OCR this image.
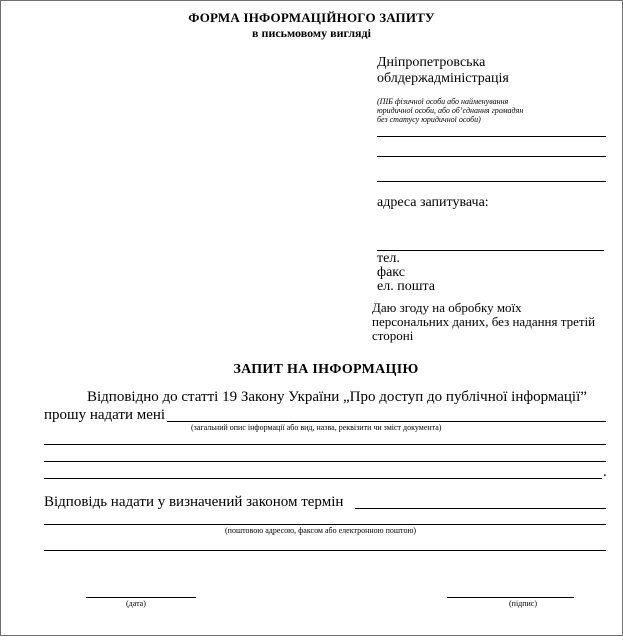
ФОРМА ІНФОРМАЦІЙНОГО ЗАПИТУ
в письмовому вигляді
Дніпропетровська
облдержадміністрація
(ПІБ фізичної особи або найменування
юридичної особи, або об’єднання громадян
без статусу юридичної особи)
адреса запитувача:
тел.
факс
ел. пошта
Даю згоду на обробку моїх
персональних даних, без надання третій
стороні
ЗАПИТ НА ІНФОРМАЦІЮ
Відповідно до статті 19 Закону України „Про доступ до публічної інформації”
прошу надати мені
(загальний опис інформації або вид, назва, реквізити чи зміст документа)
.
Відповідь надати у визначений законом термін
(поштовою адресою, факсом або електронною поштою)
(дата)	(підпис)
